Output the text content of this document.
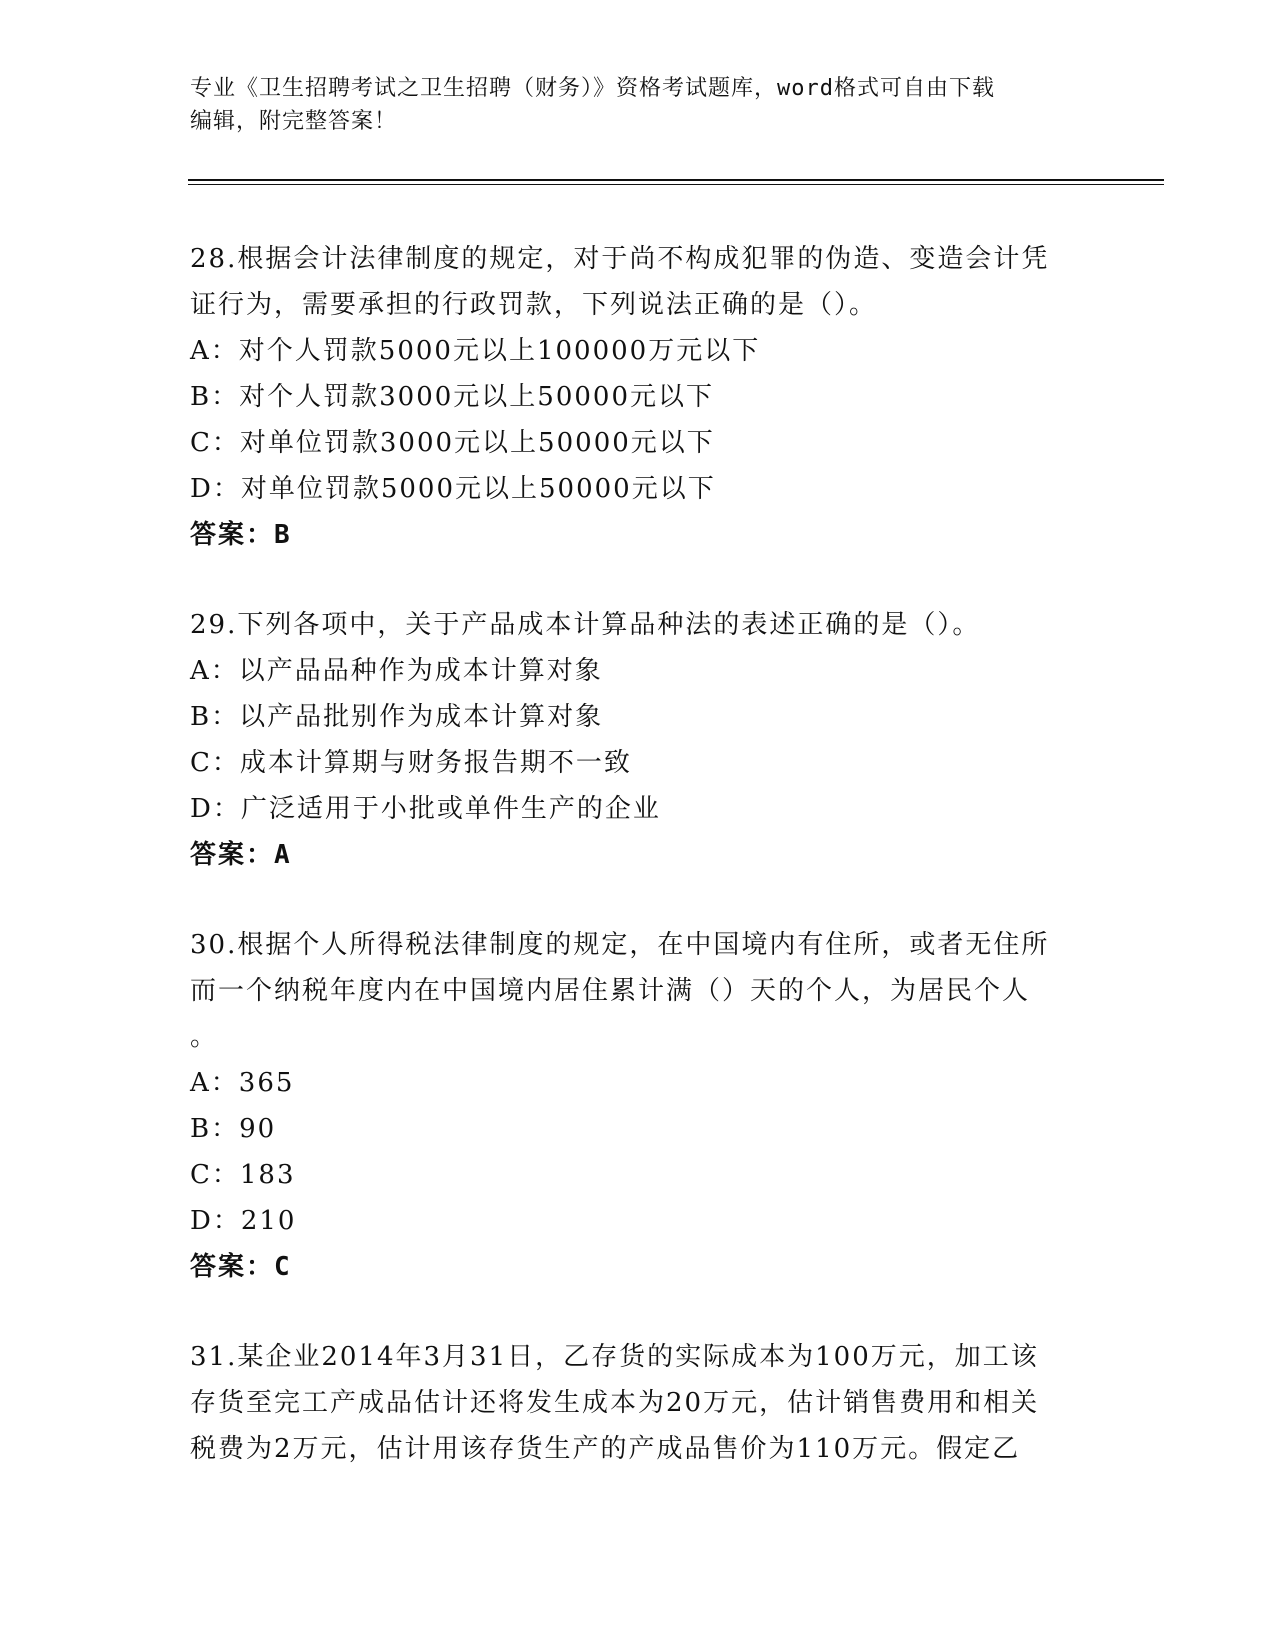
专业《卫生招聘考试之卫生招聘（财务）》资格考试题库，word格式可自由下载
编辑，附完整答案！

28.根据会计法律制度的规定，对于尚不构成犯罪的伪造、变造会计凭

证行为，需要承担的行政罚款，下列说法正确的是（）。

A：对个人罚款5000元以上100000万元以下

B：对个人罚款3000元以上50000元以下

C：对单位罚款3000元以上50000元以下

D：对单位罚款5000元以上50000元以下

答案：B

29.下列各项中，关于产品成本计算品种法的表述正确的是（）。

A：以产品品种作为成本计算对象

B：以产品批别作为成本计算对象

C：成本计算期与财务报告期不一致

D：广泛适用于小批或单件生产的企业

答案：A

30.根据个人所得税法律制度的规定，在中国境内有住所，或者无住所

而一个纳税年度内在中国境内居住累计满（）天的个人，为居民个人

。

A：365

B：90

C：183

D：210

答案：C

31.某企业2014年3月31日，乙存货的实际成本为100万元，加工该

存货至完工产成品估计还将发生成本为20万元，估计销售费用和相关

税费为2万元，估计用该存货生产的产成品售价为110万元。假定乙
